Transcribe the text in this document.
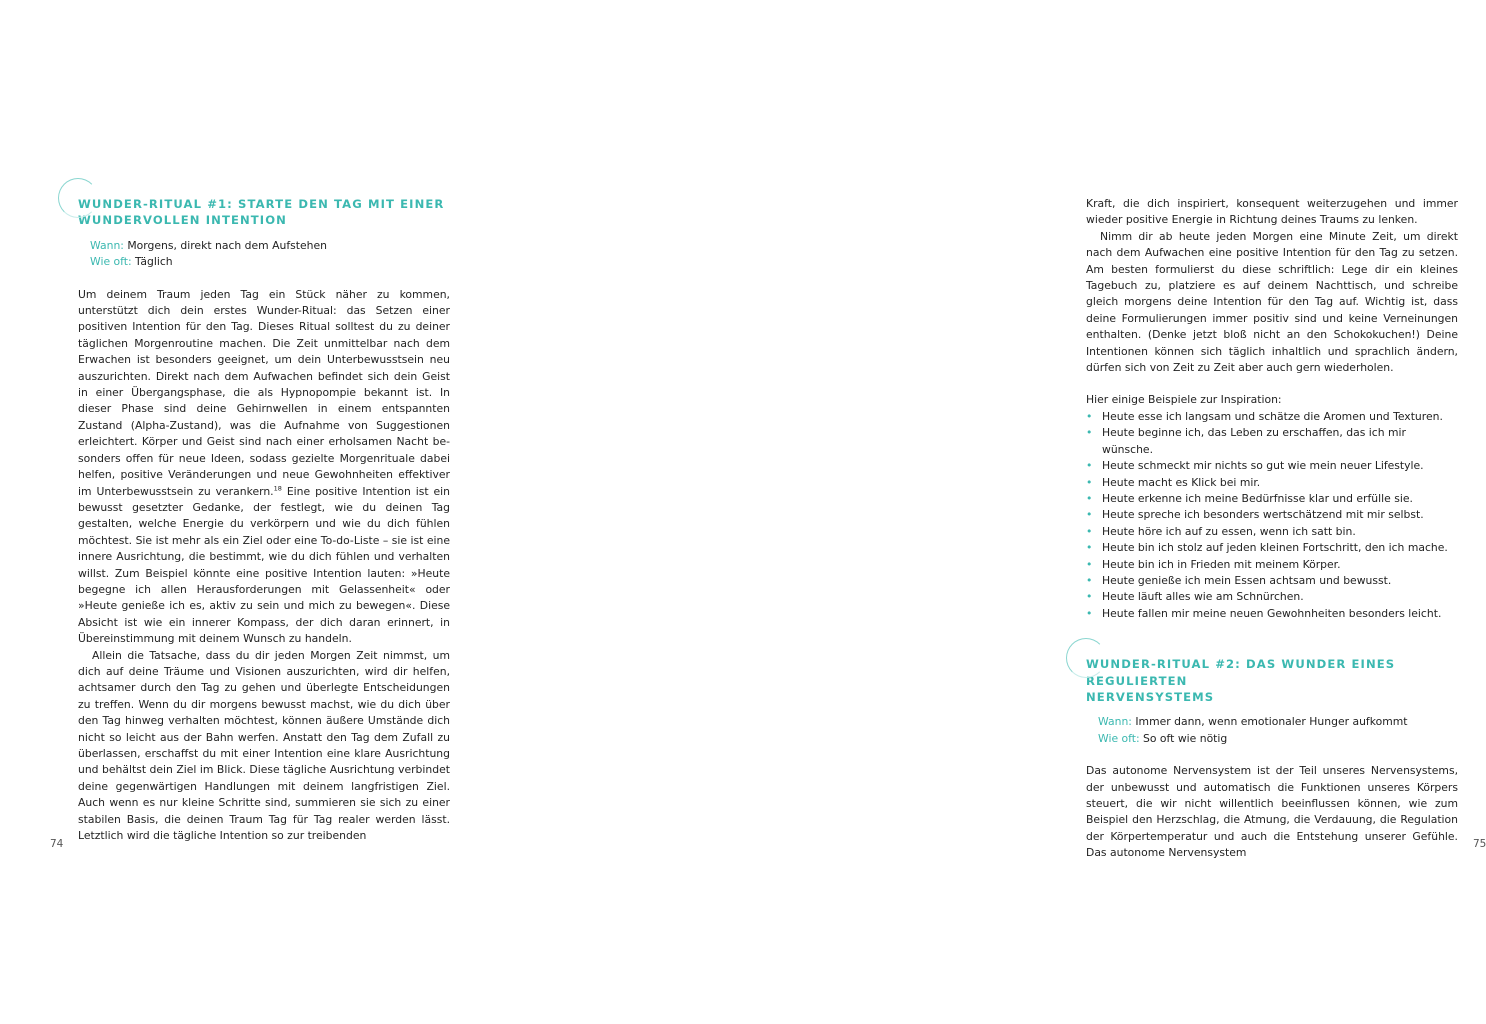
WUNDER-RITUAL #1: STARTE DEN TAG MIT EINER
WUNDERVOLLEN INTENTION
Wann: Morgens, direkt nach dem Aufstehen
Wie oft: Täglich

Um deinem Traum jeden Tag ein Stück näher zu kommen, unterstützt dich dein erstes Wunder-Ritual: das Setzen einer positiven Intention für den Tag. Dieses Ritual solltest du zu deiner täglichen Morgenroutine machen. Die Zeit unmittelbar nach dem Erwachen ist besonders geeignet, um dein Unterbewusstsein neu auszurichten. Direkt nach dem Aufwachen befindet sich dein Geist in einer Übergangsphase, die als Hypnopompie bekannt ist. In dieser Phase sind deine Gehirnwellen in einem entspannten Zustand (Alpha-Zustand), was die Aufnahme von Suggestionen erleichtert. Körper und Geist sind nach einer erholsamen Nacht besonders offen für neue Ideen, sodass gezielte Morgenrituale dabei helfen, positive Veränderungen und neue Gewohnheiten effektiver im Unterbewusstsein zu verankern.$^{18}$ Eine positive Intention ist ein bewusst gesetzter Gedanke, der festlegt, wie du deinen Tag gestalten, welche Energie du verkörpern und wie du dich fühlen möchtest. Sie ist mehr als ein Ziel oder eine To-do-Liste – sie ist eine innere Ausrichtung, die bestimmt, wie du dich fühlen und verhalten willst. Zum Beispiel könnte eine positive Intention lauten: »Heute begegne ich allen Herausforderungen mit Gelassenheit« oder »Heute genieße ich es, aktiv zu sein und mich zu bewegen«. Diese Absicht ist wie ein innerer Kompass, der dich daran erinnert, in Übereinstimmung mit deinem Wunsch zu handeln.

Allein die Tatsache, dass du dir jeden Morgen Zeit nimmst, um dich auf deine Träume und Visionen auszurichten, wird dir helfen, achtsamer durch den Tag zu gehen und überlegte Entscheidungen zu treffen. Wenn du dir morgens bewusst machst, wie du dich über den Tag hinweg verhalten möchtest, können äußere Umstände dich nicht so leicht aus der Bahn werfen. Anstatt den Tag dem Zufall zu überlassen, erschaffst du mit einer Intention eine klare Ausrichtung und behältst dein Ziel im Blick. Diese tägliche Ausrichtung verbindet deine gegenwärtigen Handlungen mit deinem langfristigen Ziel. Auch wenn es nur kleine Schritte sind, summieren sie sich zu einer stabilen Basis, die deinen Traum Tag für Tag realer werden lässt. Letztlich wird die tägliche Intention so zur treibenden

74

Kraft, die dich inspiriert, konsequent weiterzugehen und immer wieder positive Energie in Richtung deines Traums zu lenken.

Nimm dir ab heute jeden Morgen eine Minute Zeit, um direkt nach dem Aufwachen eine positive Intention für den Tag zu setzen. Am besten formulierst du diese schriftlich: Lege dir ein kleines Tagebuch zu, platziere es auf deinem Nachttisch, und schreibe gleich morgens deine Intention für den Tag auf. Wichtig ist, dass deine Formulierungen immer positiv sind und keine Verneinungen enthalten. (Denke jetzt bloß nicht an den Schokokuchen!) Deine Intentionen können sich täglich inhaltlich und sprachlich ändern, dürfen sich von Zeit zu Zeit aber auch gern wiederholen.

Hier einige Beispiele zur Inspiration:
• Heute esse ich langsam und schätze die Aromen und Texturen.
• Heute beginne ich, das Leben zu erschaffen, das ich mir wünsche.
• Heute schmeckt mir nichts so gut wie mein neuer Lifestyle.
• Heute macht es Klick bei mir.
• Heute erkenne ich meine Bedürfnisse klar und erfülle sie.
• Heute spreche ich besonders wertschätzend mit mir selbst.
• Heute höre ich auf zu essen, wenn ich satt bin.
• Heute bin ich stolz auf jeden kleinen Fortschritt, den ich mache.
• Heute bin ich in Frieden mit meinem Körper.
• Heute genieße ich mein Essen achtsam und bewusst.
• Heute läuft alles wie am Schnürchen.
• Heute fallen mir meine neuen Gewohnheiten besonders leicht.
WUNDER-RITUAL #2: DAS WUNDER EINES REGULIERTEN
NERVENSYSTEMS
Wann: Immer dann, wenn emotionaler Hunger aufkommt
Wie oft: So oft wie nötig

Das autonome Nervensystem ist der Teil unseres Nervensystems, der unbewusst und automatisch die Funktionen unseres Körpers steuert, die wir nicht willentlich beeinflussen können, wie zum Beispiel den Herzschlag, die Atmung, die Verdauung, die Regulation der Körpertemperatur und auch die Entstehung unserer Gefühle. Das autonome Nervensystem

75
